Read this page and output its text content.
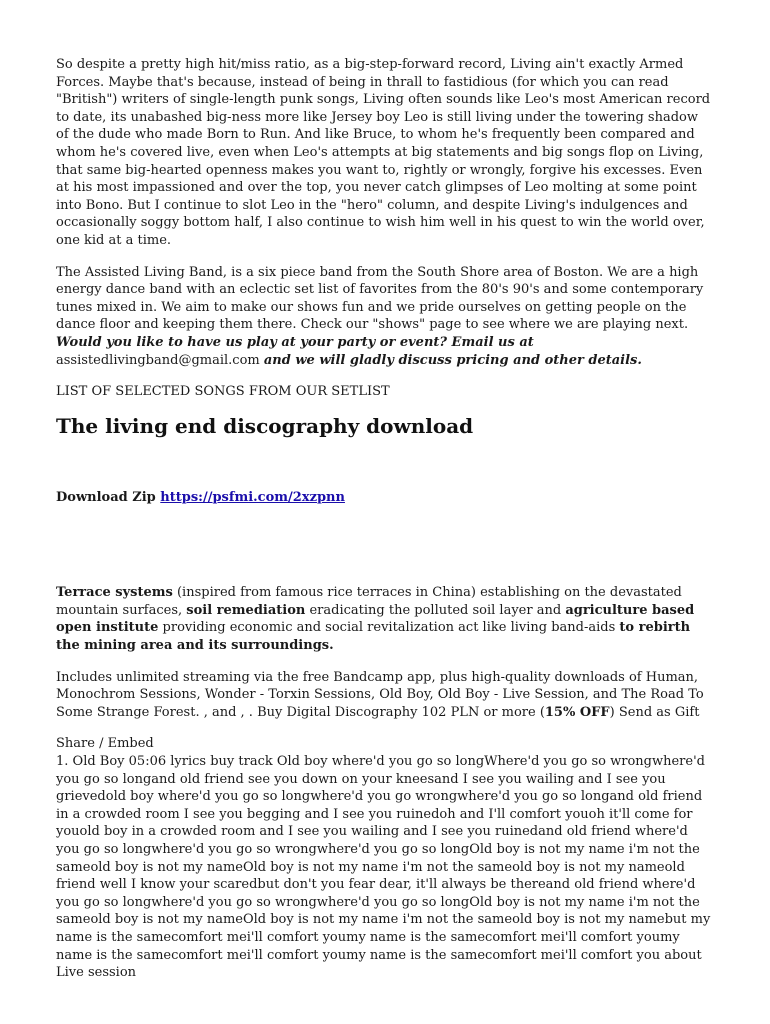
So despite a pretty high hit/miss ratio, as a big-step-forward record, Living ain't exactly Armed Forces. Maybe that's because, instead of being in thrall to fastidious (for which you can read "British") writers of single-length punk songs, Living often sounds like Leo's most American record to date, its unabashed big-ness more like Jersey boy Leo is still living under the towering shadow of the dude who made Born to Run. And like Bruce, to whom he's frequently been compared and whom he's covered live, even when Leo's attempts at big statements and big songs flop on Living, that same big-hearted openness makes you want to, rightly or wrongly, forgive his excesses. Even at his most impassioned and over the top, you never catch glimpses of Leo molting at some point into Bono. But I continue to slot Leo in the "hero" column, and despite Living's indulgences and occasionally soggy bottom half, I also continue to wish him well in his quest to win the world over, one kid at a time.

The Assisted Living Band, is a six piece band from the South Shore area of Boston. We are a high energy dance band with an eclectic set list of favorites from the 80's 90's and some contemporary tunes mixed in. We aim to make our shows fun and we pride ourselves on getting people on the dance floor and keeping them there. Check our "shows" page to see where we are playing next. Would you like to have us play at your party or event? Email us at assistedlivingband@gmail.com and we will gladly discuss pricing and other details.

LIST OF SELECTED SONGS FROM OUR SETLIST

The living end discography download

Download Zip https://psfmi.com/2xzpnn

Terrace systems (inspired from famous rice terraces in China) establishing on the devastated mountain surfaces, soil remediation eradicating the polluted soil layer and agriculture based open institute providing economic and social revitalization act like living band-aids to rebirth the mining area and its surroundings.

Includes unlimited streaming via the free Bandcamp app, plus high-quality downloads of Human, Monochrom Sessions, Wonder - Torxin Sessions, Old Boy, Old Boy - Live Session, and The Road To Some Strange Forest. , and , . Buy Digital Discography 102 PLN or more (15% OFF) Send as Gift

Share / Embed
1. Old Boy 05:06 lyrics buy track Old boy where'd you go so longWhere'd you go so wrongwhere'd you go so longand old friend see you down on your kneesand I see you wailing and I see you grievedold boy where'd you go so longwhere'd you go wrongwhere'd you go so longand old friend in a crowded room I see you begging and I see you ruinedoh and I'll comfort youoh it'll come for youold boy in a crowded room and I see you wailing and I see you ruinedand old friend where'd you go so longwhere'd you go so wrongwhere'd you go so longOld boy is not my name i'm not the sameold boy is not my nameOld boy is not my name i'm not the sameold boy is not my nameold friend well I know your scaredbut don't you fear dear, it'll always be thereand old friend where'd you go so longwhere'd you go so wrongwhere'd you go so longOld boy is not my name i'm not the sameold boy is not my nameOld boy is not my name i'm not the sameold boy is not my namebut my name is the samecomfort mei'll comfort youmy name is the samecomfort mei'll comfort youmy name is the samecomfort mei'll comfort youmy name is the samecomfort mei'll comfort you about Live session
